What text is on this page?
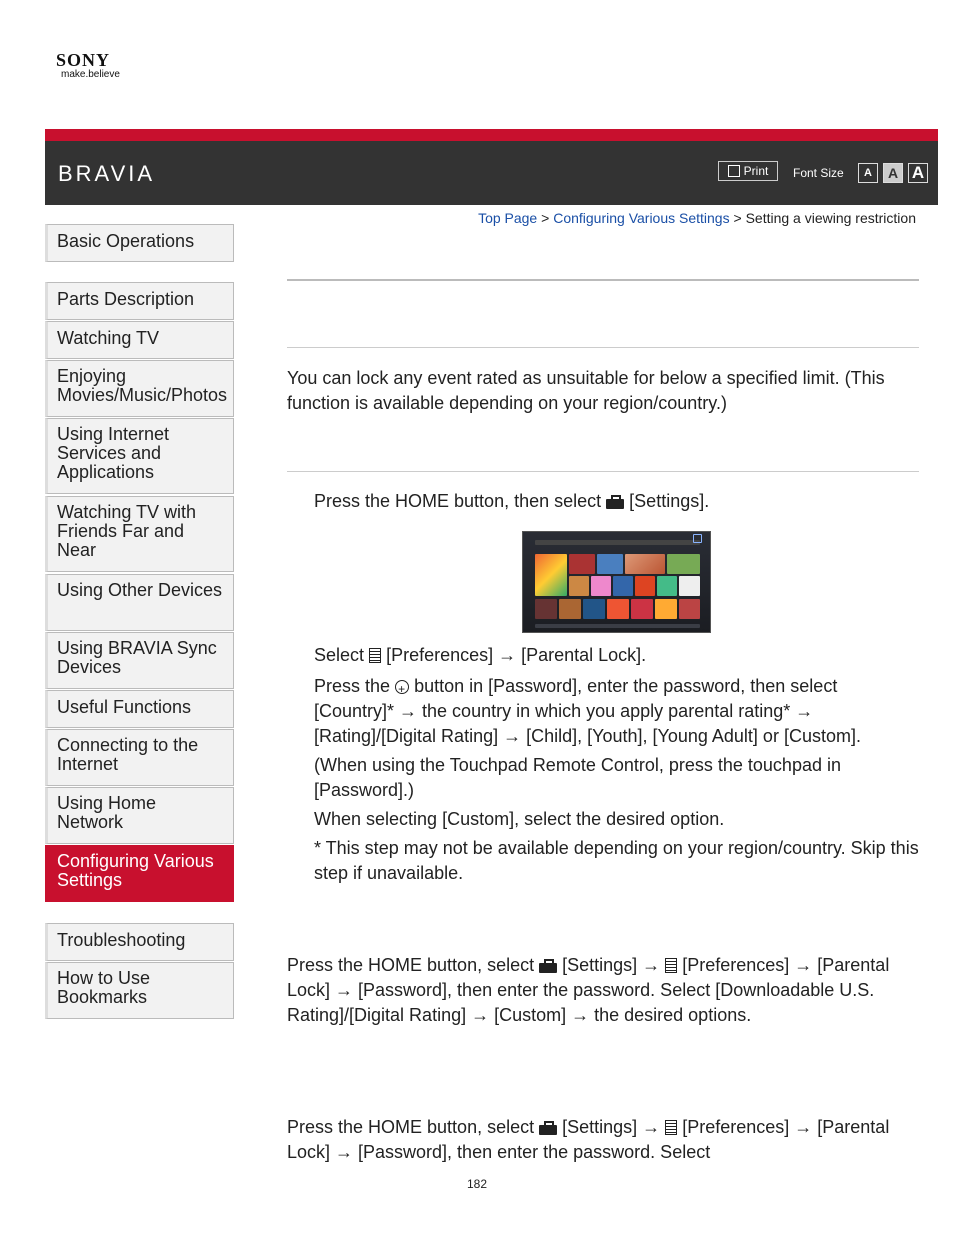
SONY
make.believe
BRAVIA	Print Font Size	A	A A
Top Page > Configuring Various Settings > Setting a viewing restriction
Basic Operations
Parts Description
Watching TV
Enjoying Movies/Music/Photos
Using Internet Services and Applications
Watching TV with Friends Far and Near
Using Other Devices
Using BRAVIA Sync Devices
Useful Functions
Connecting to the Internet
Using Home Network
Configuring Various Settings
Troubleshooting
How to Use Bookmarks
You can lock any event rated as unsuitable for below a specified limit. (This function is available depending on your region/country.)
Press the HOME button, then select [Settings].
Select [Preferences] → [Parental Lock].
Press the + button in [Password], enter the password, then select [Country]* → the country in which you apply parental rating* → [Rating]/[Digital Rating] → [Child], [Youth], [Young Adult] or [Custom].
(When using the Touchpad Remote Control, press the touchpad in [Password].)
When selecting [Custom], select the desired option.
* This step may not be available depending on your region/country. Skip this step if unavailable.
Press the HOME button, select [Settings] → [Preferences] → [Parental Lock] → [Password], then enter the password. Select [Downloadable U.S. Rating]/[Digital Rating] → [Custom] → the desired options.
Press the HOME button, select [Settings] → [Preferences] → [Parental Lock] → [Password], then enter the password. Select
182
